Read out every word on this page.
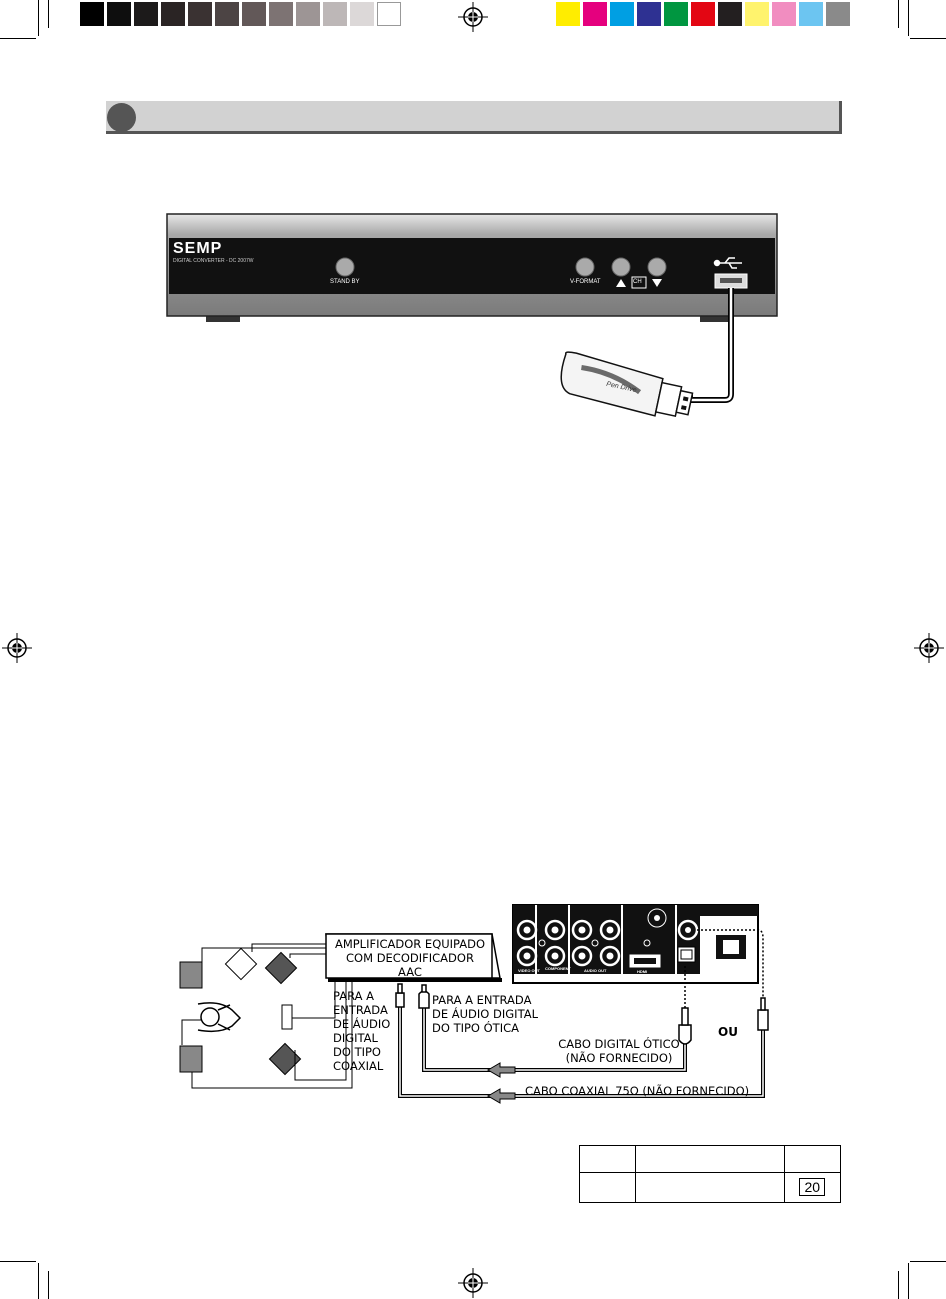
SEMP
DIGITAL CONVERTER - DC 2007W
STAND BY	V-FORMAT	CH
Pen Drive
VIDEO OUT COMPONENT	AUDIO OUT	HDMI	ENET
AMPLIFICADOR EQUIPADO
COM DECODIFICADOR
AAC
PARA A
ENTRADA
DE ÁUDIO
DIGITAL
DO TIPO
COAXIAL
PARA A ENTRADA
DE ÁUDIO DIGITAL
DO TIPO ÓTICA
CABO DIGITAL ÓTICO
(NÃO FORNECIDO)
OU
CABO COAXIAL 75Ω (NÃO FORNECIDO)

		20
